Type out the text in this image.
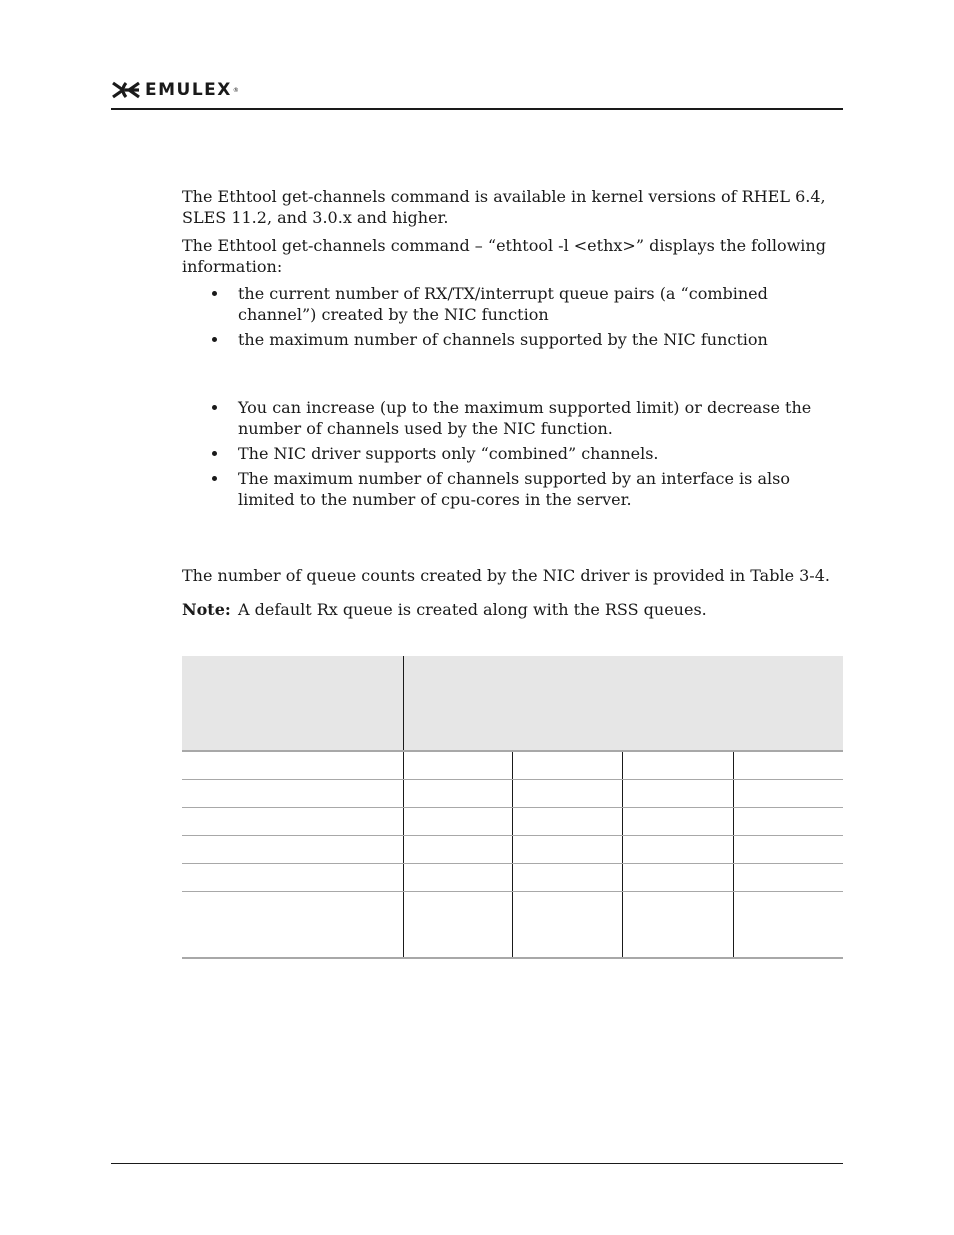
EMULEX ®

The Ethtool get-channels command is available in kernel versions of RHEL 6.4, SLES 11.2, and 3.0.x and higher.

The Ethtool get-channels command – “ethtool -l <ethx>” displays the following information:

the current number of RX/TX/interrupt queue pairs (a “combined channel”) created by the NIC function
the maximum number of channels supported by the NIC function
You can increase (up to the maximum supported limit) or decrease the number of channels used by the NIC function.
The NIC driver supports only “combined” channels.
The maximum number of channels supported by an interface is also limited to the number of cpu-cores in the server.

The number of queue counts created by the NIC driver is provided in Table 3-4.

Note: A default Rx queue is created along with the RSS queues.
